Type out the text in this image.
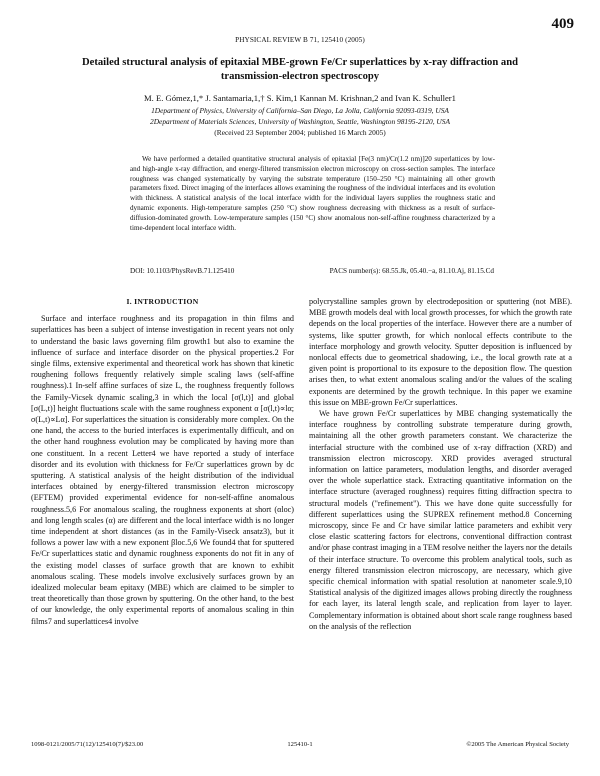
PHYSICAL REVIEW B 71, 125410 (2005)
409
Detailed structural analysis of epitaxial MBE-grown Fe/Cr superlattices by x-ray diffraction and transmission-electron spectroscopy
M. E. Gómez,1,* J. Santamaria,1,† S. Kim,1 Kannan M. Krishnan,2 and Ivan K. Schuller1
1Department of Physics, University of California–San Diego, La Jolla, California 92093-0319, USA
2Department of Materials Sciences, University of Washington, Seattle, Washington 98195-2120, USA
(Received 23 September 2004; published 16 March 2005)
We have performed a detailed quantitative structural analysis of epitaxial [Fe(3 nm)/Cr(1.2 nm)]20 superlattices by low- and high-angle x-ray diffraction, and energy-filtered transmission electron microscopy on cross-section samples. The interface roughness was changed systematically by varying the substrate temperature (150–250 °C) maintaining all other growth parameters fixed. Direct imaging of the interfaces allows examining the roughness of the individual interfaces and its evolution with thickness. A statistical analysis of the local interface width for the individual layers supplies the roughness static and dynamic exponents. High-temperature samples (250 °C) show roughness decreasing with thickness as a result of surface-diffusion-dominated growth. Low-temperature samples (150 °C) show anomalous non-self-affine roughness characterized by a time-dependent local interface width.
DOI: 10.1103/PhysRevB.71.125410	PACS number(s): 68.55.Jk, 05.40.−a, 81.10.Aj, 81.15.Cd

I. INTRODUCTION

Surface and interface roughness and its propagation in thin films and superlattices has been a subject of intense investigation in recent years not only to understand the basic laws governing film growth1 but also to examine the influence of surface and interface disorder on the physical properties.2 For single films, extensive experimental and theoretical work has shown that kinetic roughening follows frequently relatively simple scaling laws (self-affine roughness).1 In-self affine surfaces of size L, the roughness frequently follows the Family-Vicsek dynamic scaling,3 in which the local [σ(l,t)] and global [σ(L,t)] height fluctuations scale with the same roughness exponent α [σ(l,t)∝lα; σ(L,t)∝Lα]. For superlattices the situation is considerably more complex. On the one hand, the access to the buried interfaces is experimentally difficult, and on the other hand roughness evolution may be complicated by having more than one constituent. In a recent Letter4 we have reported a study of interface disorder and its evolution with thickness for Fe/Cr superlattices grown by dc sputtering. A statistical analysis of the height distribution of the individual interfaces obtained by energy-filtered transmission electron microscopy (EFTEM) provided experimental evidence for non-self-affine anomalous roughness.5,6 For anomalous scaling, the roughness exponents at short (αloc) and long length scales (α) are different and the local interface width is no longer time independent at short distances (as in the Family-Viseck ansatz3), but it follows a power law with a new exponent βloc.5,6 We found4 that for sputtered Fe/Cr superlattices static and dynamic roughness exponents do not fit in any of the existing model classes of surface growth that are known to exhibit anomalous scaling. These models involve exclusively surfaces grown by an idealized molecular beam epitaxy (MBE) which are claimed to be simpler to treat theoretically than those grown by sputtering. On the other hand, to the best of our knowledge, the only experimental reports of anomalous scaling in thin films7 and superlattices4 involve

polycrystalline samples grown by electrodeposition or sputtering (not MBE). MBE growth models deal with local growth processes, for which the growth rate depends on the local properties of the interface. However there are a number of systems, like sputter growth, for which nonlocal effects contribute to the interface morphology and growth velocity. Sputter deposition is influenced by nonlocal effects due to geometrical shadowing, i.e., the local growth rate at a given point is proportional to its exposure to the deposition flow. The question arises then, to what extent anomalous scaling and/or the values of the scaling exponents are determined by the growth technique. In this paper we examine this issue on MBE-grown Fe/Cr superlattices.

We have grown Fe/Cr superlattices by MBE changing systematically the interface roughness by controlling substrate temperature during growth, maintaining all the other growth parameters constant. We characterize the interfacial structure with the combined use of x-ray diffraction (XRD) and transmission electron microscopy. XRD provides averaged structural information on lattice parameters, modulation lengths, and disorder averaged over the whole superlattice stack. Extracting quantitative information on the interface structure (averaged roughness) requires fitting diffraction spectra to structural models ("refinement"). This we have done quite successfully for different superlattices using the SUPREX refinement method.8 Concerning microscopy, since Fe and Cr have similar lattice parameters and exhibit very close elastic scattering factors for electrons, conventional diffraction contrast and/or phase contrast imaging in a TEM resolve neither the layers nor the details of their interface structure. To overcome this problem analytical tools, such as energy filtered transmission electron microscopy, are necessary, which give specific chemical information with spatial resolution at nanometer scale.9,10 Statistical analysis of the digitized images allows probing directly the roughness for each layer, its lateral length scale, and replication from layer to layer. Complementary information is obtained about short scale range roughness based on the analysis of the reflection

1098-0121/2005/71(12)/125410(7)/$23.00	125410-1	©2005 The American Physical Society
